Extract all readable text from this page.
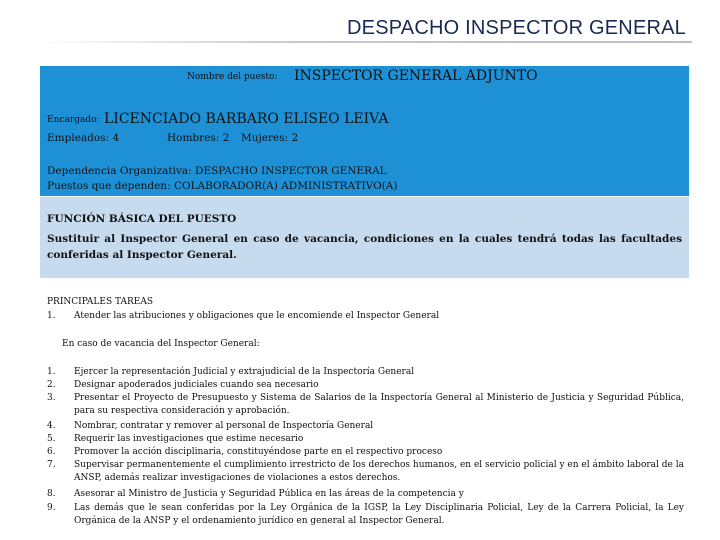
DESPACHO INSPECTOR GENERAL
Nombre del puesto: INSPECTOR GENERAL ADJUNTO
Encargado: LICENCIADO BARBARO ELISEO LEIVA
Empleados: 4	Hombres: 2 Mujeres: 2
Dependencia Organizativa: DESPACHO INSPECTOR GENERAL
Puestos que dependen: COLABORADOR(A) ADMINISTRATIVO(A)
FUNCIÓN BÁSICA DEL PUESTO
Sustituir al Inspector General en caso de vacancia, condiciones en la cuales tendrá todas las facultades conferidas al Inspector General.
PRINCIPALES TAREAS
1. Atender las atribuciones y obligaciones que le encomiende el Inspector General
En caso de vacancia del Inspector General:
1. Ejercer la representación Judicial y extrajudicial de la Inspectoría General
2. Designar apoderados judiciales cuando sea necesario
3. Presentar el Proyecto de Presupuesto y Sistema de Salarios de la Inspectoría General al Ministerio de Justicia y Seguridad Pública, para su respectiva consideración y aprobación.
4. Nombrar, contratar y remover al personal de Inspectoría General
5. Requerir las investigaciones que estime necesario
6. Promover la acción disciplinaria, constituyéndose parte en el respectivo proceso
7. Supervisar permanentemente el cumplimiento irrestricto de los derechos humanos, en el servicio policial y en el ámbito laboral de la ANSP, además realizar investigaciones de violaciones a estos derechos.
8. Asesorar al Ministro de Justicia y Seguridad Pública en las áreas de la competencia y
9. Las demás que le sean conferidas por la Ley Orgánica de la IGSP, la Ley Disciplinaria Policial, Ley de la Carrera Policial, la Ley Orgánica de la ANSP y el ordenamiento jurídico en general al Inspector General.
